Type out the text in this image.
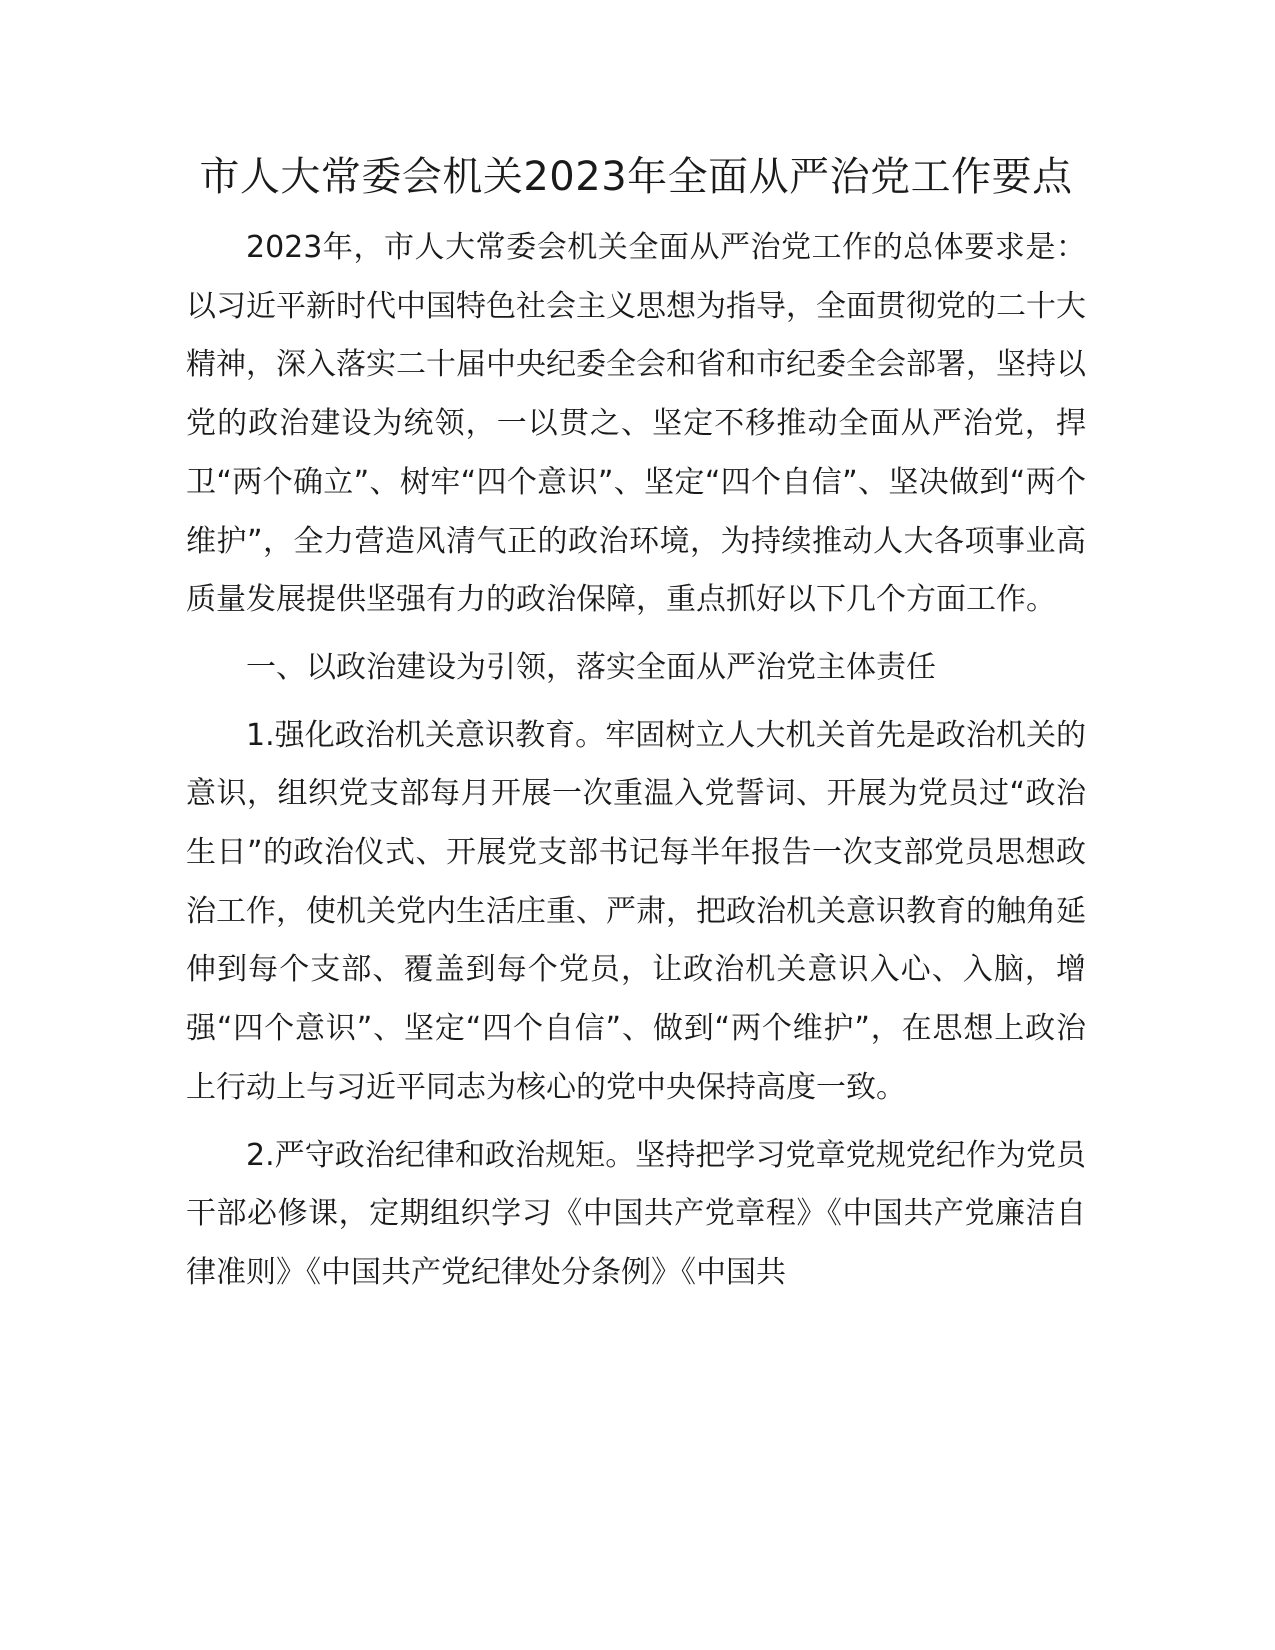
市人大常委会机关2023年全面从严治党工作要点

2023年，市人大常委会机关全面从严治党工作的总体要求是：以习近平新时代中国特色社会主义思想为指导，全面贯彻党的二十大精神，深入落实二十届中央纪委全会和省和市纪委全会部署，坚持以党的政治建设为统领，一以贯之、坚定不移推动全面从严治党，捍卫“两个确立”、树牢“四个意识”、坚定“四个自信”、坚决做到“两个维护”，全力营造风清气正的政治环境，为持续推动人大各项事业高质量发展提供坚强有力的政治保障，重点抓好以下几个方面工作。

一、以政治建设为引领，落实全面从严治党主体责任

1.强化政治机关意识教育。牢固树立人大机关首先是政治机关的意识，组织党支部每月开展一次重温入党誓词、开展为党员过“政治生日”的政治仪式、开展党支部书记每半年报告一次支部党员思想政治工作，使机关党内生活庄重、严肃，把政治机关意识教育的触角延伸到每个支部、覆盖到每个党员，让政治机关意识入心、入脑，增强“四个意识”、坚定“四个自信”、做到“两个维护”，在思想上政治上行动上与习近平同志为核心的党中央保持高度一致。

2.严守政治纪律和政治规矩。坚持把学习党章党规党纪作为党员干部必修课，定期组织学习《中国共产党章程》《中国共产党廉洁自律准则》《中国共产党纪律处分条例》《中国共
